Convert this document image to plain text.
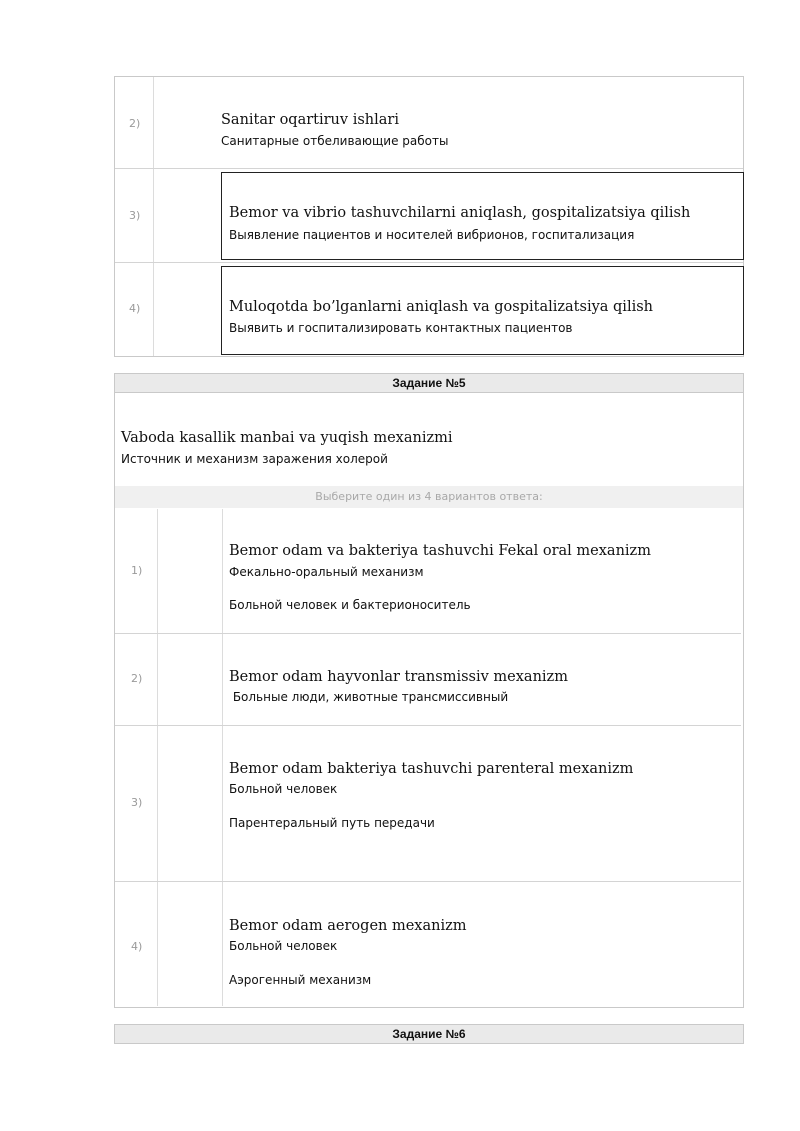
2)	Sanitar oqartiruv ishlari
Санитарные отбеливающие работы
3)	Bemor va vibrio tashuvchilarni aniqlash, gospitalizatsiya qilish
Выявление пациентов и носителей вибрионов, госпитализация
4)	Muloqotda bo’lganlarni aniqlash va gospitalizatsiya qilish
Выявить и госпитализировать контактных пациентов
Задание №5
Vaboda kasallik manbai va yuqish mexanizmi
Источник и механизм заражения холерой
Выберите один из 4 вариантов ответа:
1)
Bemor odam va bakteriya tashuvchi Fekal oral mexanizm
Фекально-оральный механизм
Больной человек и бактерионоситель
2)	Bemor odam hayvonlar transmissiv mexanizm
Больные люди, животные трансмиссивный
3)
Bemor odam bakteriya tashuvchi parenteral mexanizm
Больной человек
Парентеральный путь передачи
4)
Bemor odam aerogen mexanizm
Больной человек
Аэрогенный механизм
Задание №6
